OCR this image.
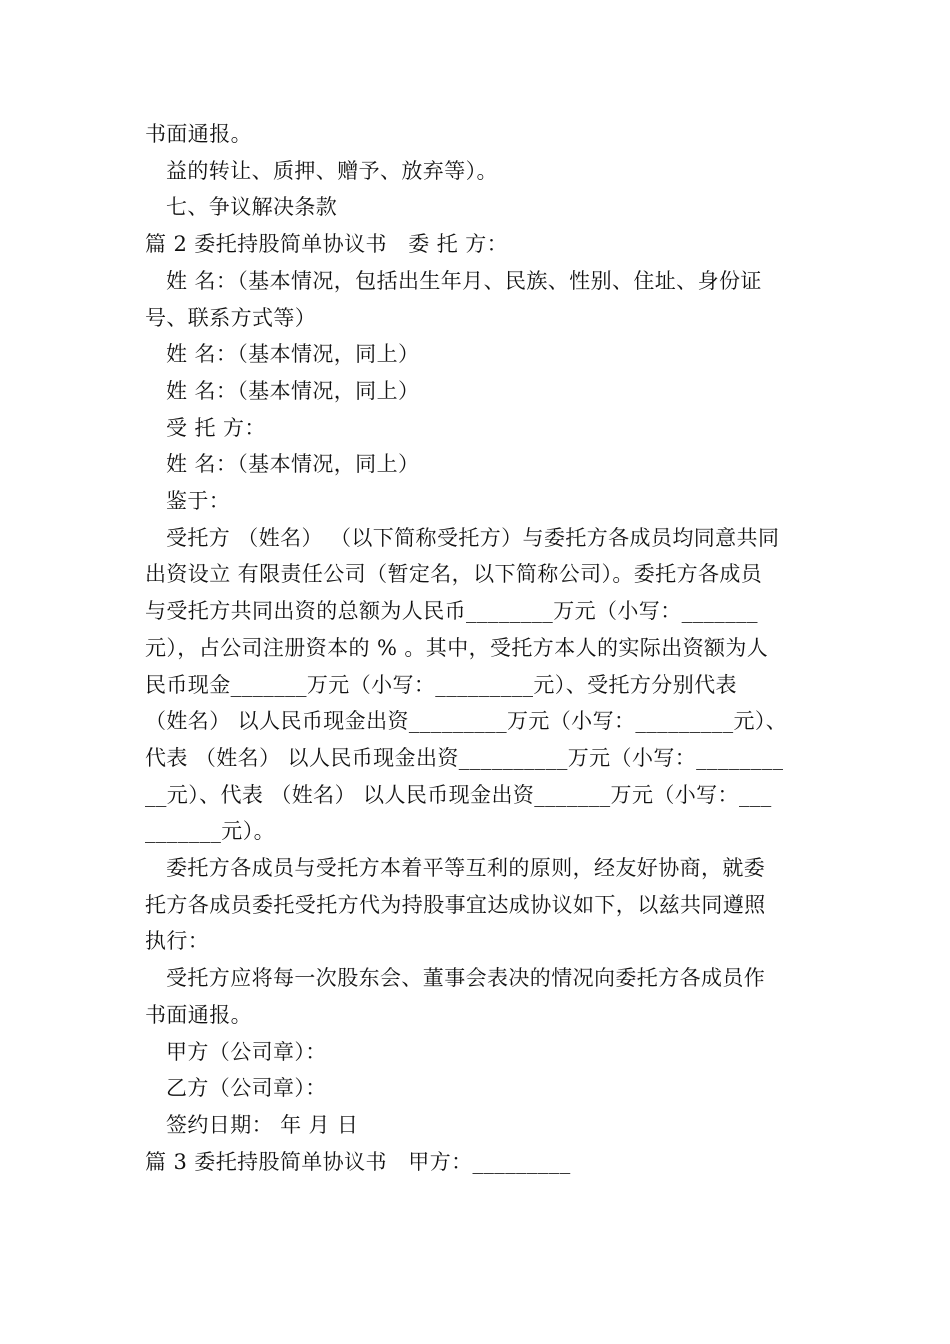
书面通报。
益的转让、质押、赠予、放弃等）。
七、争议解决条款
篇 2 委托持股简单协议书　委 托 方：
姓 名：（基本情况，包括出生年月、民族、性别、住址、身份证
号、联系方式等）
姓 名：（基本情况，同上）
姓 名：（基本情况，同上）
受 托 方：
姓 名：（基本情况，同上）
鉴于：
受托方 （姓名） （以下简称受托方）与委托方各成员均同意共同
出资设立 有限责任公司（暂定名，以下简称公司）。委托方各成员
与受托方共同出资的总额为人民币________万元（小写：_______
元），占公司注册资本的 % 。其中，受托方本人的实际出资额为人
民币现金_______万元（小写：_________元）、受托方分别代表
（姓名） 以人民币现金出资_________万元（小写：_________元）、
代表 （姓名） 以人民币现金出资__________万元（小写：________
__元）、代表 （姓名） 以人民币现金出资_______万元（小写：___
_______元）。
委托方各成员与受托方本着平等互利的原则，经友好协商，就委
托方各成员委托受托方代为持股事宜达成协议如下，以兹共同遵照
执行：
受托方应将每一次股东会、董事会表决的情况向委托方各成员作
书面通报。
甲方（公司章）：
乙方（公司章）：
签约日期： 年 月 日
篇 3 委托持股简单协议书　甲方：_________
